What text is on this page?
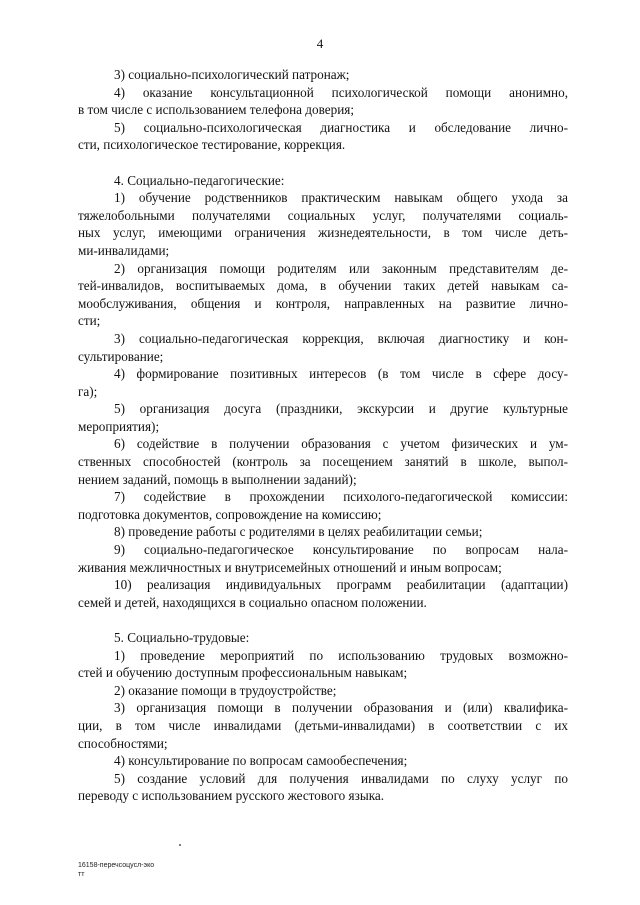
4

3) социально-психологический патронаж;

4) оказание консультационной психологической помощи анонимно,
в том числе с использованием телефона доверия;

5) социально-психологическая диагностика и обследование лично-
сти, психологическое тестирование, коррекция.

4. Социально-педагогические:

1) обучение родственников практическим навыкам общего ухода за
тяжелобольными получателями социальных услуг, получателями социаль-
ных услуг, имеющими ограничения жизнедеятельности, в том числе деть-
ми-инвалидами;

2) организация помощи родителям или законным представителям де-
тей-инвалидов, воспитываемых дома, в обучении таких детей навыкам са-
мообслуживания, общения и контроля, направленных на развитие лично-
сти;

3) социально-педагогическая коррекция, включая диагностику и кон-
сультирование;

4) формирование позитивных интересов (в том числе в сфере досу-
га);

5) организация досуга (праздники, экскурсии и другие культурные
мероприятия);

6) содействие в получении образования с учетом физических и ум-
ственных способностей (контроль за посещением занятий в школе, выпол-
нением заданий, помощь в выполнении заданий);

7) содействие в прохождении психолого-педагогической комиссии:
подготовка документов, сопровождение на комиссию;

8) проведение работы с родителями в целях реабилитации семьи;

9) социально-педагогическое консультирование по вопросам нала-
живания межличностных и внутрисемейных отношений и иным вопросам;

10) реализация индивидуальных программ реабилитации (адаптации)
семей и детей, находящихся в социально опасном положении.

5. Социально-трудовые:

1) проведение мероприятий по использованию трудовых возможно-
стей и обучению доступным профессиональным навыкам;

2) оказание помощи в трудоустройстве;

3) организация помощи в получении образования и (или) квалифика-
ции, в том числе инвалидами (детьми-инвалидами) в соответствии с их
способностями;

4) консультирование по вопросам самообеспечения;

5) создание условий для получения инвалидами по слуху услуг по
переводу с использованием русского жестового языка.

16158-перечсоцусл-эко
тт
